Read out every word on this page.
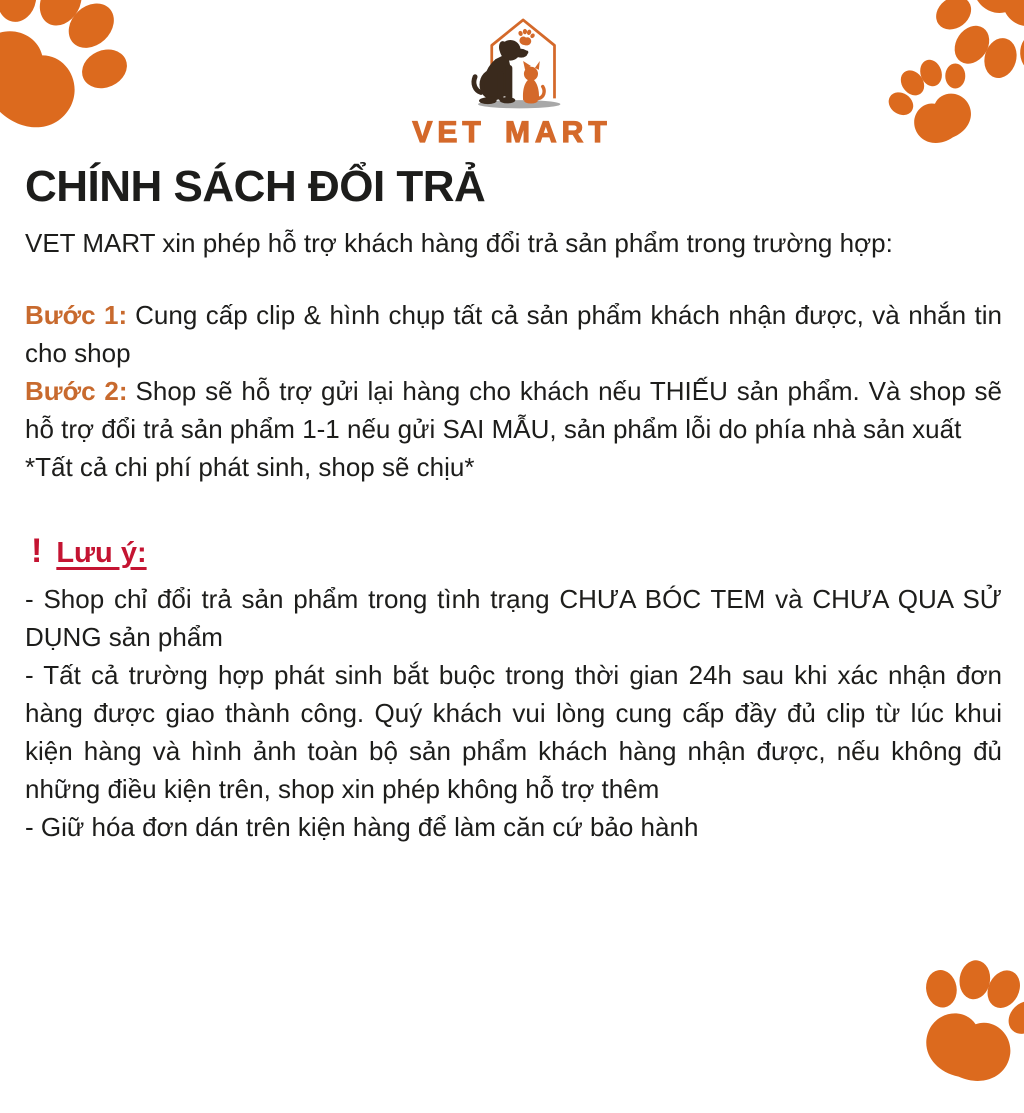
VET MART
CHÍNH SÁCH ĐỔI TRẢ

VET MART xin phép hỗ trợ khách hàng đổi trả sản phẩm trong trường hợp:

Bước 1: Cung cấp clip & hình chụp tất cả sản phẩm khách nhận được, và nhắn tin cho shop

Bước 2: Shop sẽ hỗ trợ gửi lại hàng cho khách nếu THIẾU sản phẩm. Và shop sẽ hỗ trợ đổi trả sản phẩm 1-1 nếu gửi SAI MẪU, sản phẩm lỗi do phía nhà sản xuất

*Tất cả chi phí phát sinh, shop sẽ chịu*

! Lưu ý:

- Shop chỉ đổi trả sản phẩm trong tình trạng CHƯA BÓC TEM và CHƯA QUA SỬ DỤNG sản phẩm

- Tất cả trường hợp phát sinh bắt buộc trong thời gian 24h sau khi xác nhận đơn hàng được giao thành công. Quý khách vui lòng cung cấp đầy đủ clip từ lúc khui kiện hàng và hình ảnh toàn bộ sản phẩm khách hàng nhận được, nếu không đủ những điều kiện trên, shop xin phép không hỗ trợ thêm

- Giữ hóa đơn dán trên kiện hàng để làm căn cứ bảo hành
